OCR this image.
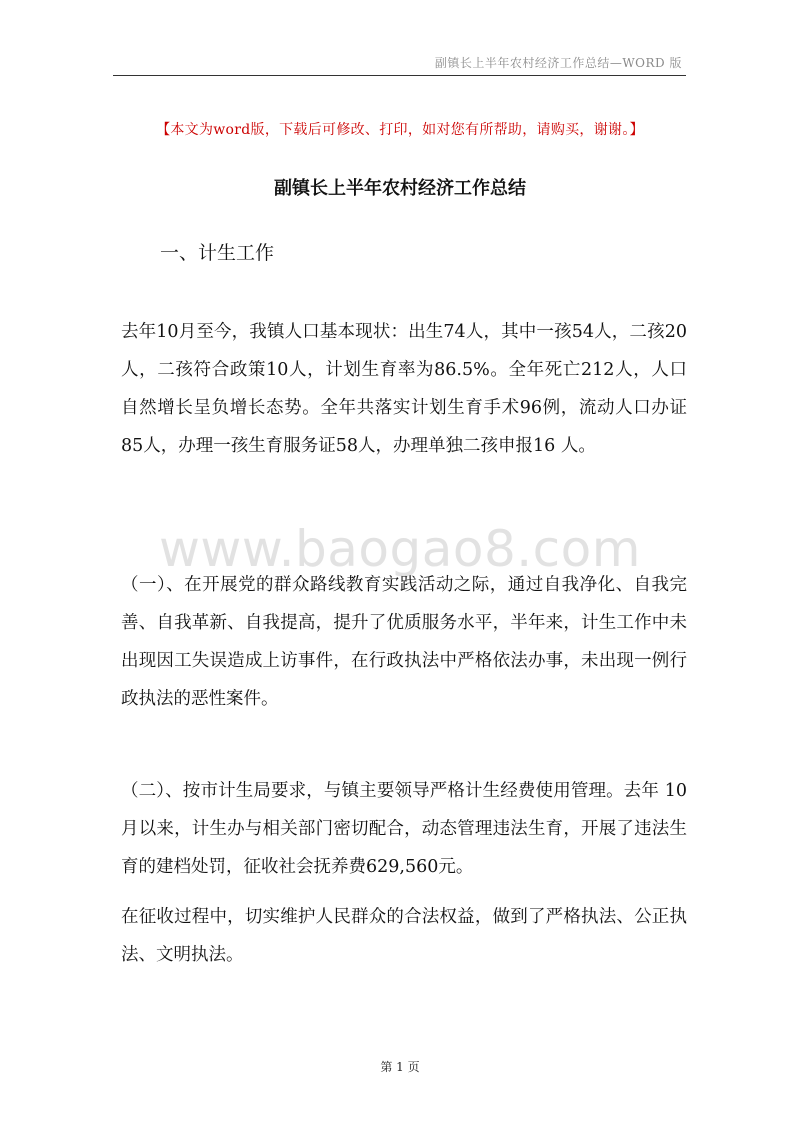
副镇长上半年农村经济工作总结—WORD 版
【本文为word版，下载后可修改、打印，如对您有所帮助，请购买，谢谢。】
副镇长上半年农村经济工作总结
一、计生工作

去年10月至今，我镇人口基本现状：出生74人，其中一孩54人，二孩20人，二孩符合政策10人，计划生育率为86.5%。全年死亡212人，人口自然增长呈负增长态势。全年共落实计划生育手术96例，流动人口办证85人，办理一孩生育服务证58人，办理单独二孩申报16 人。

www.baogao8.com

（一）、在开展党的群众路线教育实践活动之际，通过自我净化、自我完善、自我革新、自我提高，提升了优质服务水平，半年来，计生工作中未出现因工失误造成上访事件，在行政执法中严格依法办事，未出现一例行政执法的恶性案件。

（二）、按市计生局要求，与镇主要领导严格计生经费使用管理。去年 10月以来，计生办与相关部门密切配合，动态管理违法生育，开展了违法生育的建档处罚，征收社会抚养费629,560元。

在征收过程中，切实维护人民群众的合法权益，做到了严格执法、公正执法、文明执法。

第 1 页
